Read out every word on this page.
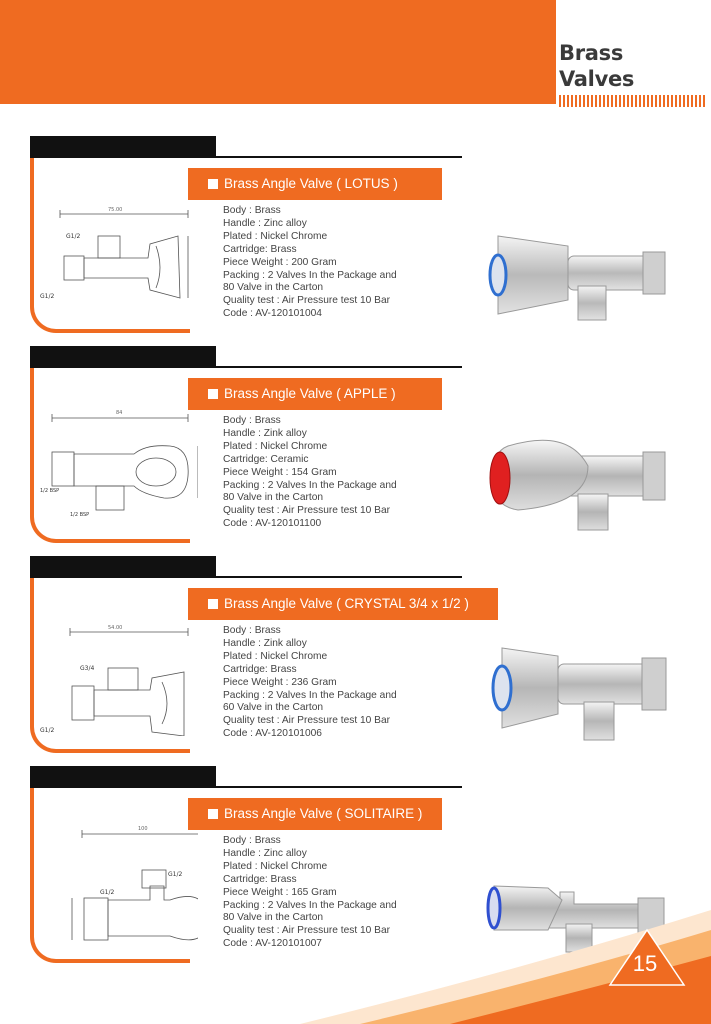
Brass
Valves
75.00
G1/2
G1/2
Brass Angle Valve ( LOTUS )
Body : Brass
Handle : Zinc alloy
Plated : Nickel Chrome
Cartridge: Brass
Piece Weight : 200 Gram
Packing : 2 Valves In the Package and
80 Valve in the Carton
Quality test : Air Pressure test 10 Bar
Code : AV-120101004
84
1/2 BSP
1/2 BSP
Brass Angle Valve ( APPLE )
Body : Brass
Handle : Zink alloy
Plated : Nickel Chrome
Cartridge: Ceramic
Piece Weight : 154 Gram
Packing : 2 Valves In the Package and
80 Valve in the Carton
Quality test : Air Pressure test 10 Bar
Code : AV-120101100
54.00
G3/4
G1/2
Brass Angle Valve ( CRYSTAL 3/4 x 1/2 )
Body : Brass
Handle : Zink alloy
Plated : Nickel Chrome
Cartridge: Brass
Piece Weight : 236 Gram
Packing : 2 Valves In the Package and
60 Valve in the Carton
Quality test : Air Pressure test 10 Bar
Code : AV-120101006
100
G1/2
G1/2
Brass Angle Valve ( SOLITAIRE )
Body : Brass
Handle : Zinc alloy
Plated : Nickel Chrome
Cartridge: Brass
Piece Weight : 165 Gram
Packing : 2 Valves In the Package and
80 Valve in the Carton
Quality test : Air Pressure test 10 Bar
Code : AV-120101007
15
